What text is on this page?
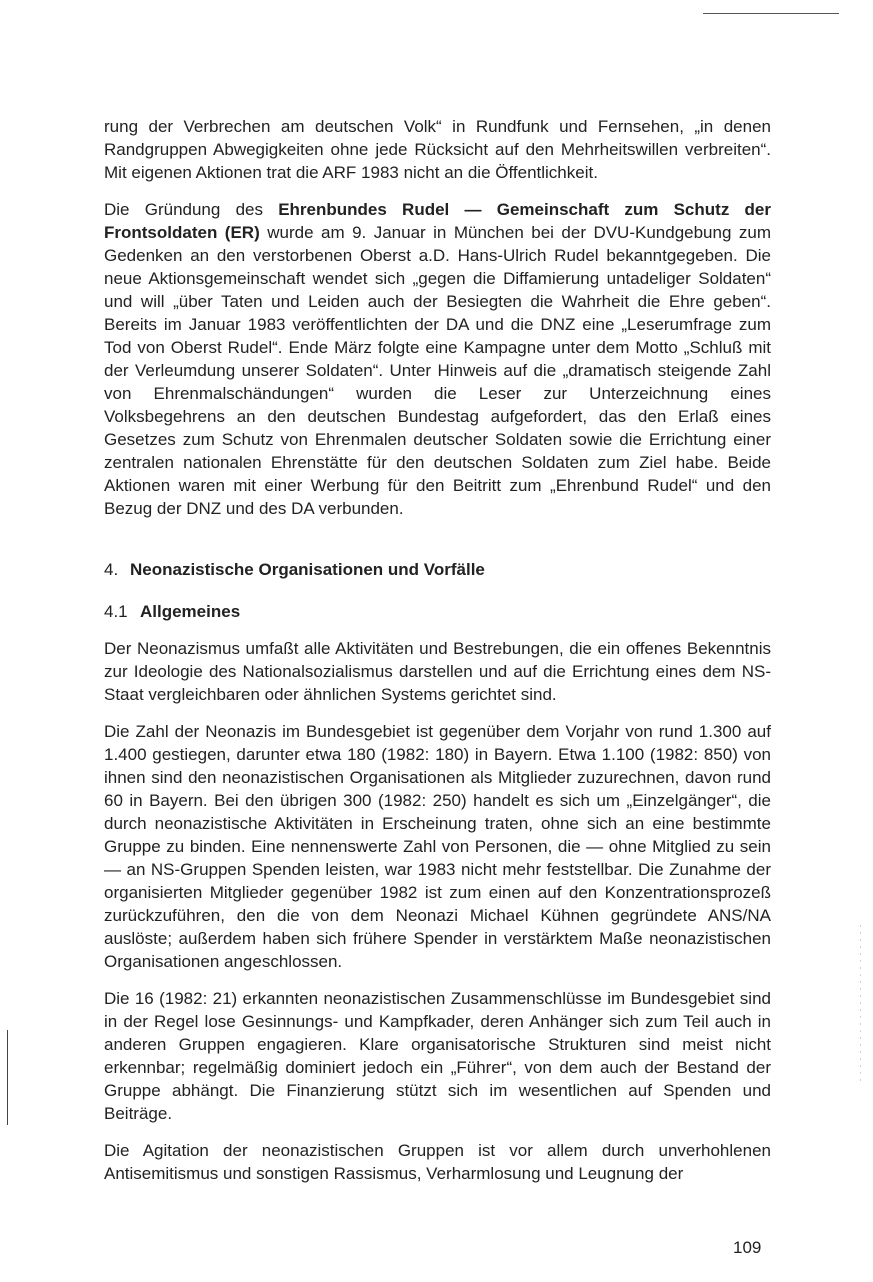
rung der Verbrechen am deutschen Volk“ in Rundfunk und Fernsehen, „in denen Randgruppen Abwegigkeiten ohne jede Rücksicht auf den Mehrheitswillen verbreiten“. Mit eigenen Aktionen trat die ARF 1983 nicht an die Öffentlichkeit.

Die Gründung des Ehrenbundes Rudel — Gemeinschaft zum Schutz der Frontsoldaten (ER) wurde am 9. Januar in München bei der DVU-Kundgebung zum Gedenken an den verstorbenen Oberst a.D. Hans-Ulrich Rudel bekanntgegeben. Die neue Aktionsgemeinschaft wendet sich „gegen die Diffamierung untadeliger Soldaten“ und will „über Taten und Leiden auch der Besiegten die Wahrheit die Ehre geben“. Bereits im Januar 1983 veröffentlichten der DA und die DNZ eine „Leserumfrage zum Tod von Oberst Rudel“. Ende März folgte eine Kampagne unter dem Motto „Schluß mit der Verleumdung unserer Soldaten“. Unter Hinweis auf die „dramatisch steigende Zahl von Ehrenmalschändungen“ wurden die Leser zur Unterzeichnung eines Volksbegehrens an den deutschen Bundestag aufgefordert, das den Erlaß eines Gesetzes zum Schutz von Ehrenmalen deutscher Soldaten sowie die Errichtung einer zentralen nationalen Ehrenstätte für den deutschen Soldaten zum Ziel habe. Beide Aktionen waren mit einer Werbung für den Beitritt zum „Ehrenbund Rudel“ und den Bezug der DNZ und des DA verbunden.

4. Neonazistische Organisationen und Vorfälle
4.1 Allgemeines

Der Neonazismus umfaßt alle Aktivitäten und Bestrebungen, die ein offenes Bekenntnis zur Ideologie des Nationalsozialismus darstellen und auf die Errichtung eines dem NS-Staat vergleichbaren oder ähnlichen Systems gerichtet sind.

Die Zahl der Neonazis im Bundesgebiet ist gegenüber dem Vorjahr von rund 1.300 auf 1.400 gestiegen, darunter etwa 180 (1982: 180) in Bayern. Etwa 1.100 (1982: 850) von ihnen sind den neonazistischen Organisationen als Mitglieder zuzurechnen, davon rund 60 in Bayern. Bei den übrigen 300 (1982: 250) handelt es sich um „Einzelgänger“, die durch neonazistische Aktivitäten in Erscheinung traten, ohne sich an eine bestimmte Gruppe zu binden. Eine nennenswerte Zahl von Personen, die — ohne Mitglied zu sein — an NS-Gruppen Spenden leisten, war 1983 nicht mehr feststellbar. Die Zunahme der organisierten Mitglieder gegenüber 1982 ist zum einen auf den Konzentrationsprozeß zurückzuführen, den die von dem Neonazi Michael Kühnen gegründete ANS/NA auslöste; außerdem haben sich frühere Spender in verstärktem Maße neonazistischen Organisationen angeschlossen.

Die 16 (1982: 21) erkannten neonazistischen Zusammenschlüsse im Bundesgebiet sind in der Regel lose Gesinnungs- und Kampfkader, deren Anhänger sich zum Teil auch in anderen Gruppen engagieren. Klare organisatorische Strukturen sind meist nicht erkennbar; regelmäßig dominiert jedoch ein „Führer“, von dem auch der Bestand der Gruppe abhängt. Die Finanzierung stützt sich im wesentlichen auf Spenden und Beiträge.

Die Agitation der neonazistischen Gruppen ist vor allem durch unverhohlenen Antisemitismus und sonstigen Rassismus, Verharmlosung und Leugnung der

109
